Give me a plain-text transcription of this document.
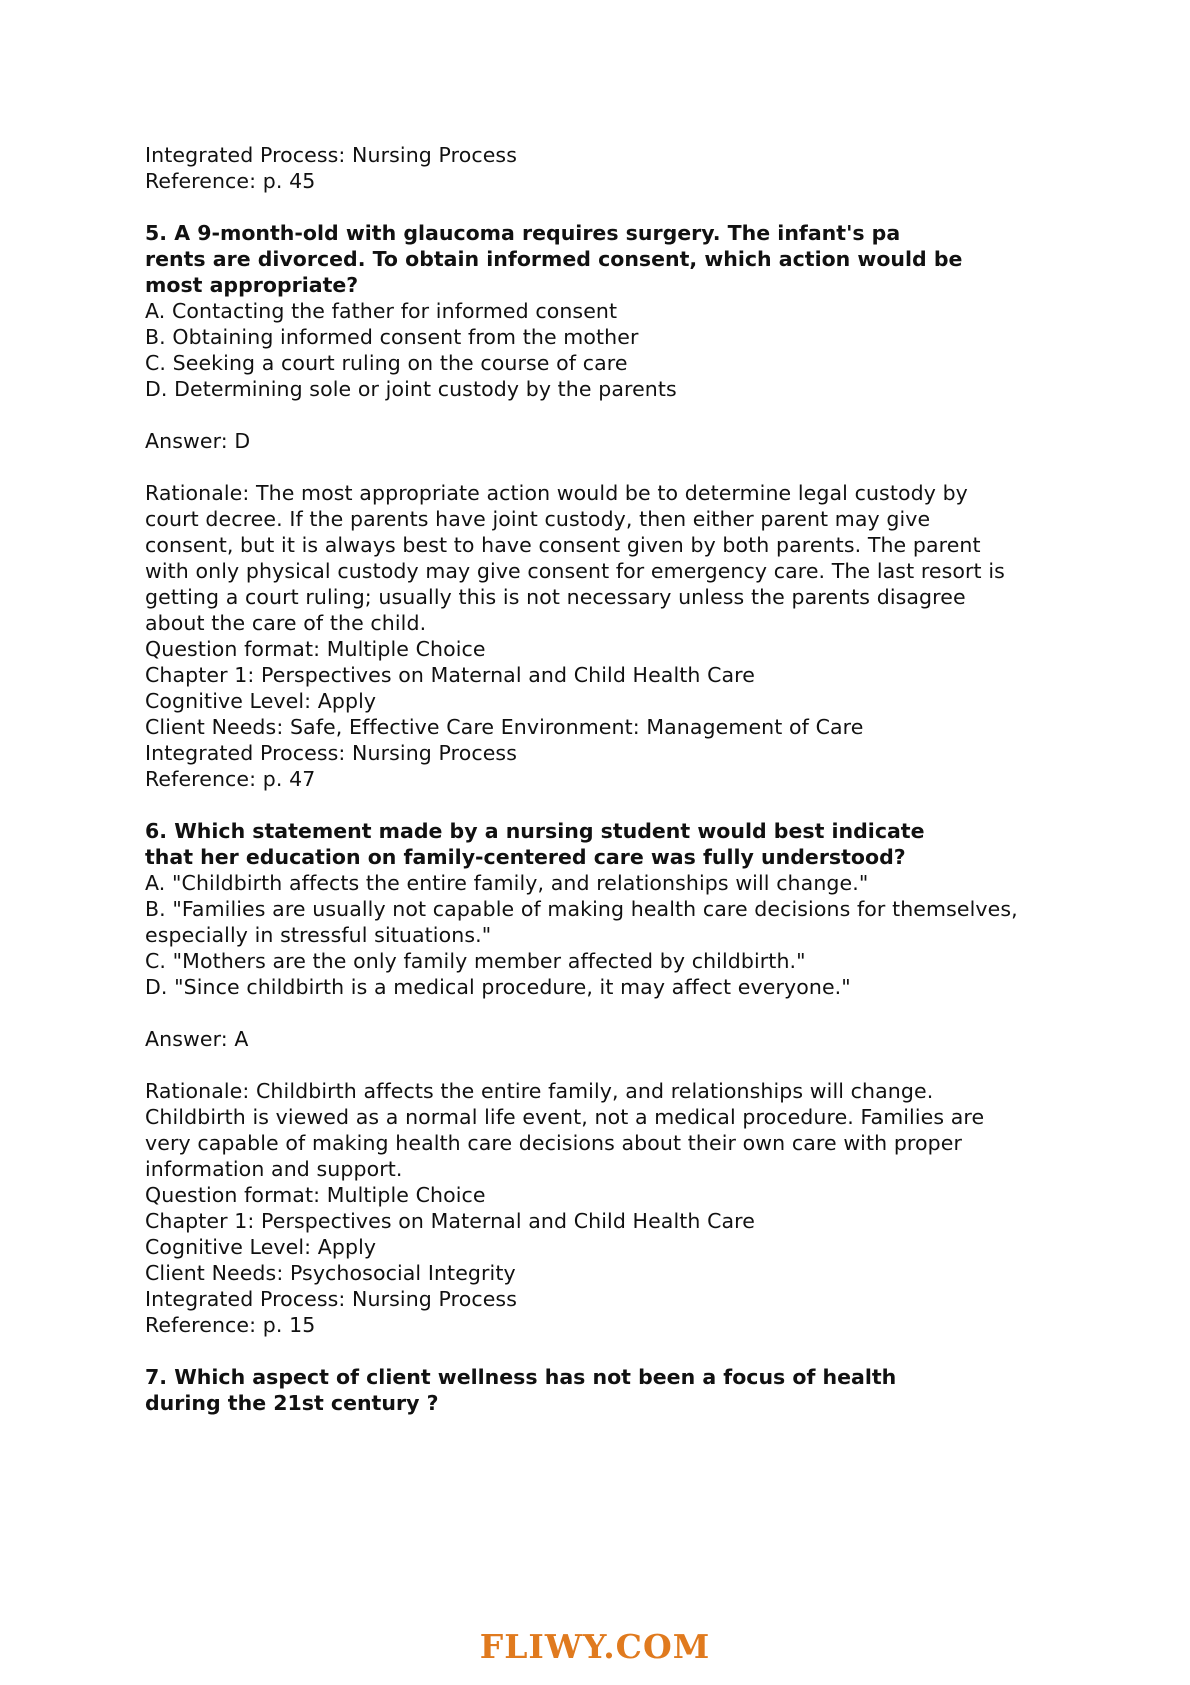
Integrated Process: Nursing Process
Reference: p. 45
5. A 9-month-old with glaucoma requires surgery. The infant's pa
rents are divorced. To obtain informed consent, which action would be
most appropriate?
A. Contacting the father for informed consent
B. Obtaining informed consent from the mother
C. Seeking a court ruling on the course of care
D. Determining sole or joint custody by the parents
Answer: D
Rationale: The most appropriate action would be to determine legal custody by
court decree. If the parents have joint custody, then either parent may give
consent, but it is always best to have consent given by both parents. The parent
with only physical custody may give consent for emergency care. The last resort is
getting a court ruling; usually this is not necessary unless the parents disagree
about the care of the child.
Question format: Multiple Choice
Chapter 1: Perspectives on Maternal and Child Health Care
Cognitive Level: Apply
Client Needs: Safe, Effective Care Environment: Management of Care
Integrated Process: Nursing Process
Reference: p. 47
6. Which statement made by a nursing student would best indicate
that her education on family-centered care was fully understood?
A. "Childbirth affects the entire family, and relationships will change."
B. "Families are usually not capable of making health care decisions for themselves,
especially in stressful situations."
C. "Mothers are the only family member affected by childbirth."
D. "Since childbirth is a medical procedure, it may affect everyone."
Answer: A
Rationale: Childbirth affects the entire family, and relationships will change.
Childbirth is viewed as a normal life event, not a medical procedure. Families are
very capable of making health care decisions about their own care with proper
information and support.
Question format: Multiple Choice
Chapter 1: Perspectives on Maternal and Child Health Care
Cognitive Level: Apply
Client Needs: Psychosocial Integrity
Integrated Process: Nursing Process
Reference: p. 15
7. Which aspect of client wellness has not been a focus of health
during the 21st century ?
FLIWY.COM
